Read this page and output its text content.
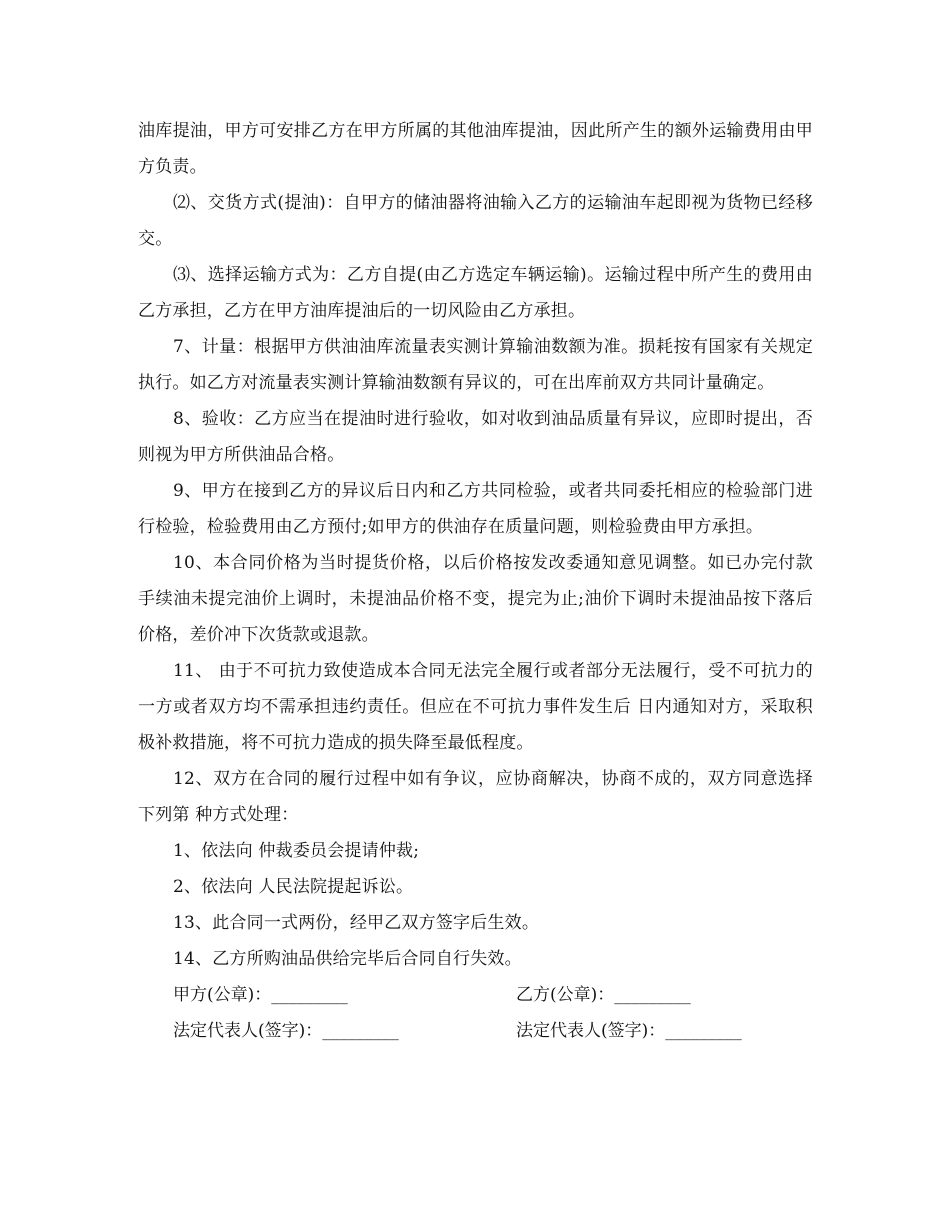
油库提油，甲方可安排乙方在甲方所属的其他油库提油，因此所产生的额外运输费用由甲方负责。

⑵、交货方式(提油)：自甲方的储油器将油输入乙方的运输油车起即视为货物已经移交。

⑶、选择运输方式为：乙方自提(由乙方选定车辆运输)。运输过程中所产生的费用由乙方承担，乙方在甲方油库提油后的一切风险由乙方承担。

7、计量：根据甲方供油油库流量表实测计算输油数额为准。损耗按有国家有关规定执行。如乙方对流量表实测计算输油数额有异议的，可在出库前双方共同计量确定。

8、验收：乙方应当在提油时进行验收，如对收到油品质量有异议，应即时提出，否则视为甲方所供油品合格。

9、甲方在接到乙方的异议后日内和乙方共同检验，或者共同委托相应的检验部门进行检验，检验费用由乙方预付;如甲方的供油存在质量问题，则检验费由甲方承担。

10、本合同价格为当时提货价格，以后价格按发改委通知意见调整。如已办完付款手续油未提完油价上调时，未提油品价格不变，提完为止;油价下调时未提油品按下落后价格，差价冲下次货款或退款。

11、 由于不可抗力致使造成本合同无法完全履行或者部分无法履行，受不可抗力的一方或者双方均不需承担违约责任。但应在不可抗力事件发生后 日内通知对方，采取积极补救措施，将不可抗力造成的损失降至最低程度。

12、双方在合同的履行过程中如有争议，应协商解决，协商不成的，双方同意选择下列第 种方式处理：

1、依法向 仲裁委员会提请仲裁;

2、依法向 人民法院提起诉讼。

13、此合同一式两份，经甲乙双方签字后生效。

14、乙方所购油品供给完毕后合同自行失效。

甲方(公章)：_________	乙方(公章)：_________
法定代表人(签字)：_________	法定代表人(签字)：_________
